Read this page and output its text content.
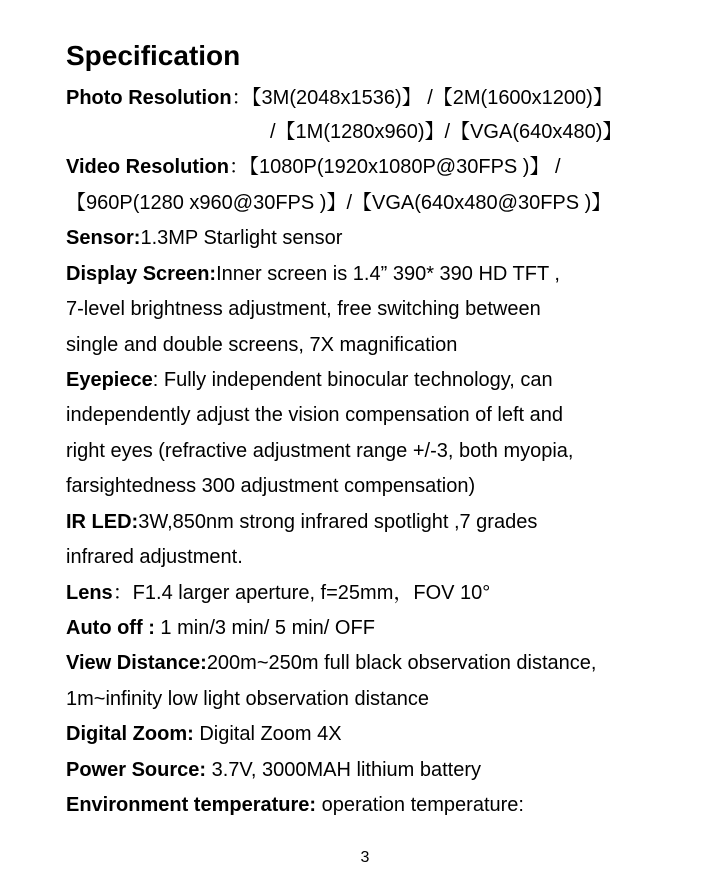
Specification
Photo Resolution：【3M(2048x1536)】 /【2M(1600x1200)】
/【1M(1280x960)】/【VGA(640x480)】
Video Resolution：【1080P(1920x1080P@30FPS )】 /
【960P(1280 x960@30FPS )】/【VGA(640x480@30FPS )】
Sensor:1.3MP Starlight sensor
Display Screen:Inner screen is 1.4” 390* 390 HD TFT ,
7-level brightness adjustment, free switching between
single and double screens, 7X magnification
Eyepiece: Fully independent binocular technology, can
independently adjust the vision compensation of left and
right eyes (refractive adjustment range +/-3, both myopia,
farsightedness 300 adjustment compensation)
IR LED:3W,850nm strong infrared spotlight ,7 grades
infrared adjustment.
Lens：F1.4 larger aperture, f=25mm，FOV 10°
Auto off : 1 min/3 min/ 5 min/ OFF
View Distance:200m~250m full black observation distance,
1m~infinity low light observation distance
Digital Zoom: Digital Zoom 4X
Power Source: 3.7V, 3000MAH lithium battery
Environment temperature: operation temperature:
3
